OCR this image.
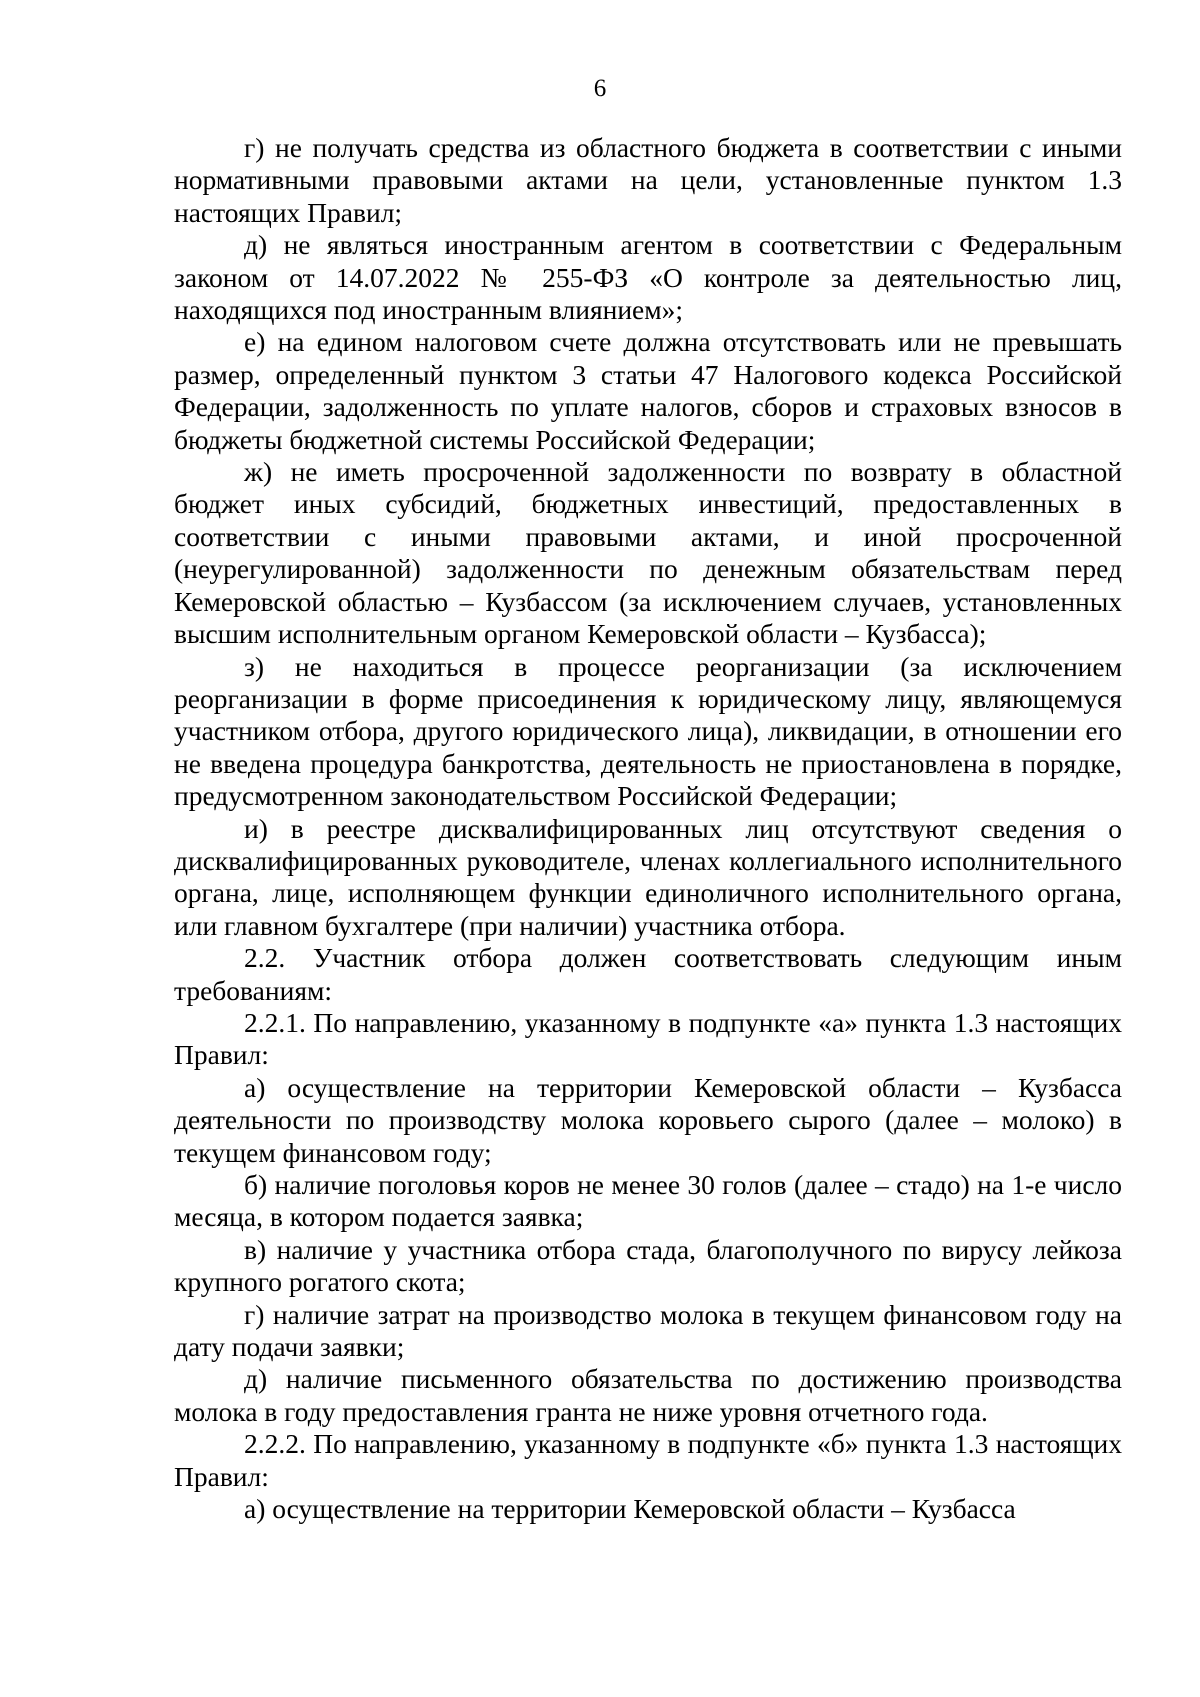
6

г) не получать средства из областного бюджета в соответствии с иными нормативными правовыми актами на цели, установленные пунктом 1.3 настоящих Правил;

д) не являться иностранным агентом в соответствии с Федеральным законом от 14.07.2022 № 255-ФЗ «О контроле за деятельностью лиц, находящихся под иностранным влиянием»;

е) на едином налоговом счете должна отсутствовать или не превышать размер, определенный пунктом 3 статьи 47 Налогового кодекса Российской Федерации, задолженность по уплате налогов, сборов и страховых взносов в бюджеты бюджетной системы Российской Федерации;

ж) не иметь просроченной задолженности по возврату в областной бюджет иных субсидий, бюджетных инвестиций, предоставленных в соответствии с иными правовыми актами, и иной просроченной (неурегулированной) задолженности по денежным обязательствам перед Кемеровской областью – Кузбассом (за исключением случаев, установленных высшим исполнительным органом Кемеровской области – Кузбасса);

з) не находиться в процессе реорганизации (за исключением реорганизации в форме присоединения к юридическому лицу, являющемуся участником отбора, другого юридического лица), ликвидации, в отношении его не введена процедура банкротства, деятельность не приостановлена в порядке, предусмотренном законодательством Российской Федерации;

и) в реестре дисквалифицированных лиц отсутствуют сведения о дисквалифицированных руководителе, членах коллегиального исполнительного органа, лице, исполняющем функции единоличного исполнительного органа, или главном бухгалтере (при наличии) участника отбора.

2.2. Участник отбора должен соответствовать следующим иным требованиям:

2.2.1. По направлению, указанному в подпункте «а» пункта 1.3 настоящих Правил:

а) осуществление на территории Кемеровской области – Кузбасса деятельности по производству молока коровьего сырого (далее – молоко) в текущем финансовом году;

б) наличие поголовья коров не менее 30 голов (далее – стадо) на 1-е число месяца, в котором подается заявка;

в) наличие у участника отбора стада, благополучного по вирусу лейкоза крупного рогатого скота;

г) наличие затрат на производство молока в текущем финансовом году на дату подачи заявки;

д) наличие письменного обязательства по достижению производства молока в году предоставления гранта не ниже уровня отчетного года.

2.2.2. По направлению, указанному в подпункте «б» пункта 1.3 настоящих Правил:

а) осуществление на территории Кемеровской области – Кузбасса
